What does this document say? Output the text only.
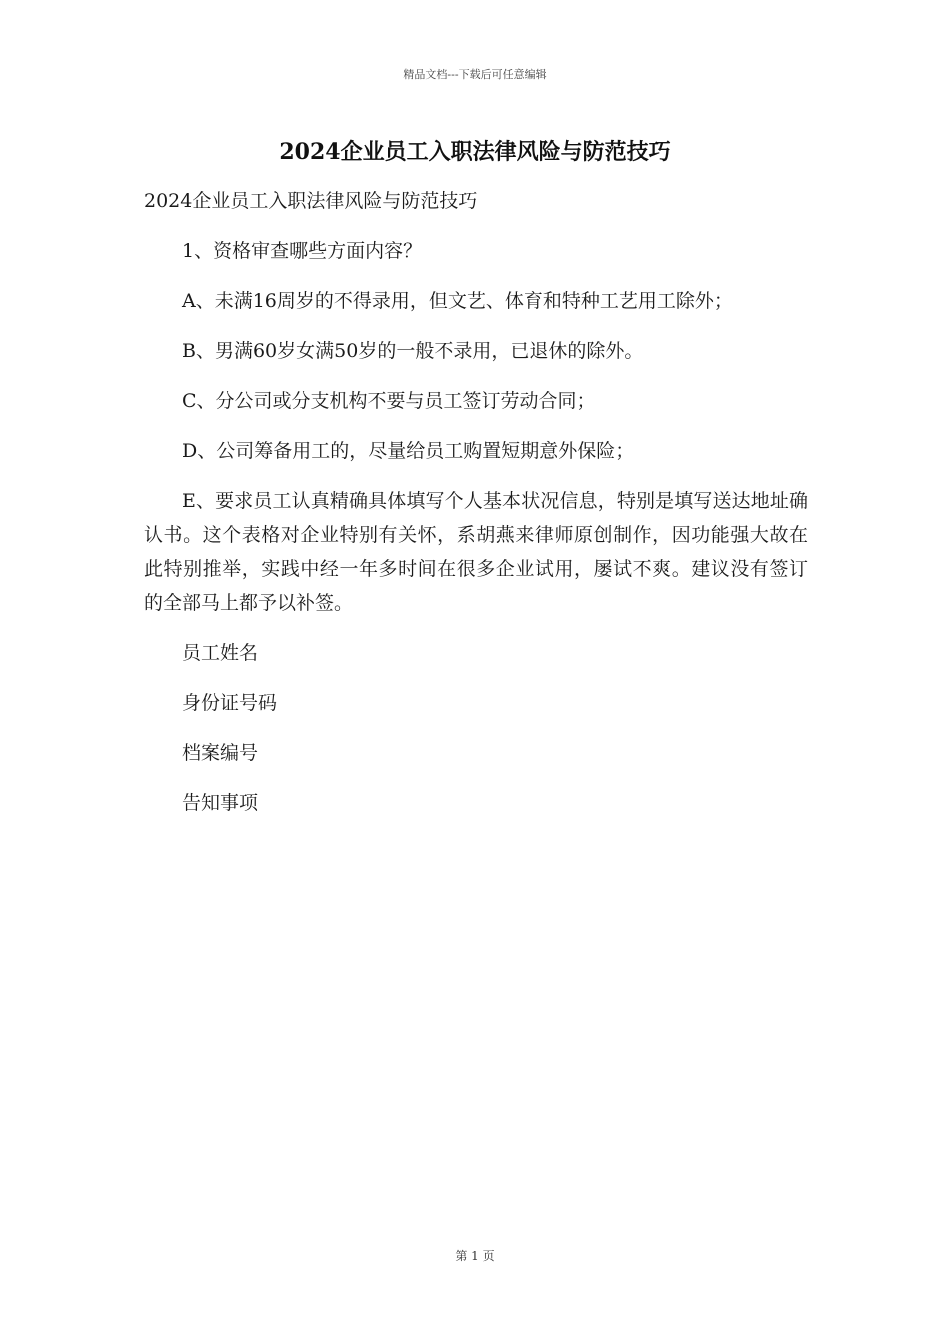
精品文档---下载后可任意编辑
2024企业员工入职法律风险与防范技巧

2024企业员工入职法律风险与防范技巧

1、资格审查哪些方面内容？

A、未满16周岁的不得录用，但文艺、体育和特种工艺用工除外；

B、男满60岁女满50岁的一般不录用，已退休的除外。

C、分公司或分支机构不要与员工签订劳动合同；

D、公司筹备用工的，尽量给员工购置短期意外保险；

E、要求员工认真精确具体填写个人基本状况信息，特别是填写送达地址确认书。这个表格对企业特别有关怀，系胡燕来律师原创制作，因功能强大故在此特别推举，实践中经一年多时间在很多企业试用，屡试不爽。建议没有签订的全部马上都予以补签。

员工姓名

身份证号码

档案编号

告知事项

第 1 页
